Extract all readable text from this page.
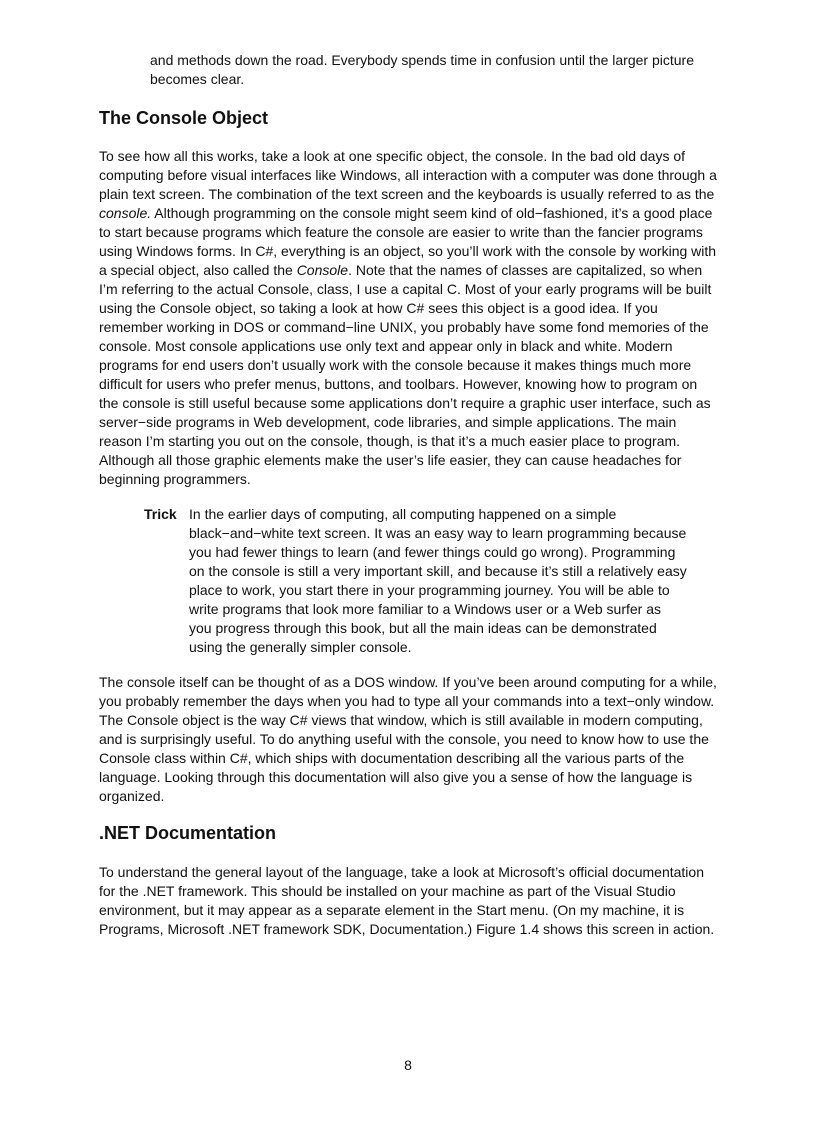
and methods down the road. Everybody spends time in confusion until the larger picture
becomes clear.
The Console Object
To see how all this works, take a look at one specific object, the console. In the bad old days of
computing before visual interfaces like Windows, all interaction with a computer was done through a
plain text screen. The combination of the text screen and the keyboards is usually referred to as the
console. Although programming on the console might seem kind of old−fashioned, it’s a good place
to start because programs which feature the console are easier to write than the fancier programs
using Windows forms. In C#, everything is an object, so you’ll work with the console by working with
a special object, also called the Console. Note that the names of classes are capitalized, so when
I’m referring to the actual Console, class, I use a capital C. Most of your early programs will be built
using the Console object, so taking a look at how C# sees this object is a good idea. If you
remember working in DOS or command−line UNIX, you probably have some fond memories of the
console. Most console applications use only text and appear only in black and white. Modern
programs for end users don’t usually work with the console because it makes things much more
difficult for users who prefer menus, buttons, and toolbars. However, knowing how to program on
the console is still useful because some applications don’t require a graphic user interface, such as
server−side programs in Web development, code libraries, and simple applications. The main
reason I’m starting you out on the console, though, is that it’s a much easier place to program.
Although all those graphic elements make the user’s life easier, they can cause headaches for
beginning programmers.
Trick In the earlier days of computing, all computing happened on a simple
black−and−white text screen. It was an easy way to learn programming because
you had fewer things to learn (and fewer things could go wrong). Programming
on the console is still a very important skill, and because it’s still a relatively easy
place to work, you start there in your programming journey. You will be able to
write programs that look more familiar to a Windows user or a Web surfer as
you progress through this book, but all the main ideas can be demonstrated
using the generally simpler console.
The console itself can be thought of as a DOS window. If you’ve been around computing for a while,
you probably remember the days when you had to type all your commands into a text−only window.
The Console object is the way C# views that window, which is still available in modern computing,
and is surprisingly useful. To do anything useful with the console, you need to know how to use the
Console class within C#, which ships with documentation describing all the various parts of the
language. Looking through this documentation will also give you a sense of how the language is
organized.
.NET Documentation
To understand the general layout of the language, take a look at Microsoft’s official documentation
for the .NET framework. This should be installed on your machine as part of the Visual Studio
environment, but it may appear as a separate element in the Start menu. (On my machine, it is
Programs, Microsoft .NET framework SDK, Documentation.) Figure 1.4 shows this screen in action.
8
